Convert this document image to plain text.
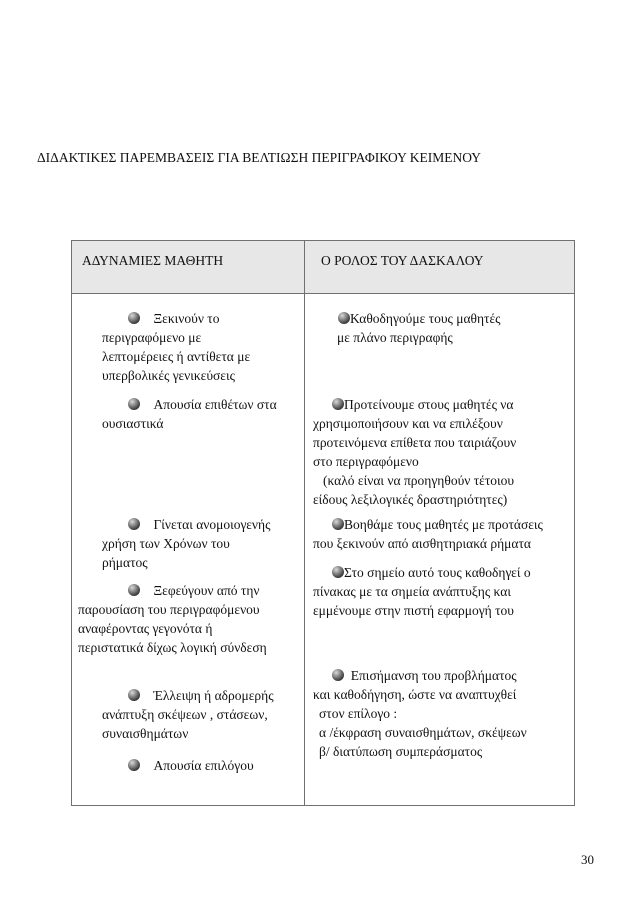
ΔΙΔΑΚΤΙΚΕΣ ΠΑΡΕΜΒΑΣΕΙΣ ΓΙΑ ΒΕΛΤΙΩΣΗ ΠΕΡΙΓΡΑΦΙΚΟΥ ΚΕΙΜΕΝΟΥ
ΑΔΥΝΑΜΙΕΣ ΜΑΘΗΤΗ	Ο ΡΟΛΟΣ ΤΟΥ ΔΑΣΚΑΛΟΥ
Ξεκινούν το
περιγραφόμενο με
λεπτομέρειες ή αντίθετα με
υπερβολικές γενικεύσεις
Απουσία επιθέτων στα
ουσιαστικά
Γίνεται ανομοιογενής
χρήση των Χρόνων του
ρήματος
Ξεφεύγουν από την
παρουσίαση του περιγραφόμενου
αναφέροντας γεγονότα ή
περιστατικά δίχως λογική σύνδεση
Έλλειψη ή αδρομερής
ανάπτυξη σκέψεων , στάσεων,
συναισθημάτων
Απουσία επιλόγου
Καθοδηγούμε τους μαθητές
με πλάνο περιγραφής
Προτείνουμε στους μαθητές να
χρησιμοποιήσουν και να επιλέξουν
προτεινόμενα επίθετα που ταιριάζουν
στο περιγραφόμενο
(καλό είναι να προηγηθούν τέτοιου
είδους λεξιλογικές δραστηριότητες)
Βοηθάμε τους μαθητές με προτάσεις
που ξεκινούν από αισθητηριακά ρήματα
Στο σημείο αυτό τους καθοδηγεί ο
πίνακας με τα σημεία ανάπτυξης και
εμμένουμε στην πιστή εφαρμογή του
Επισήμανση του προβλήματος
και καθοδήγηση, ώστε να αναπτυχθεί
στον επίλογο :
α /έκφραση συναισθημάτων, σκέψεων
β/ διατύπωση συμπεράσματος
30
